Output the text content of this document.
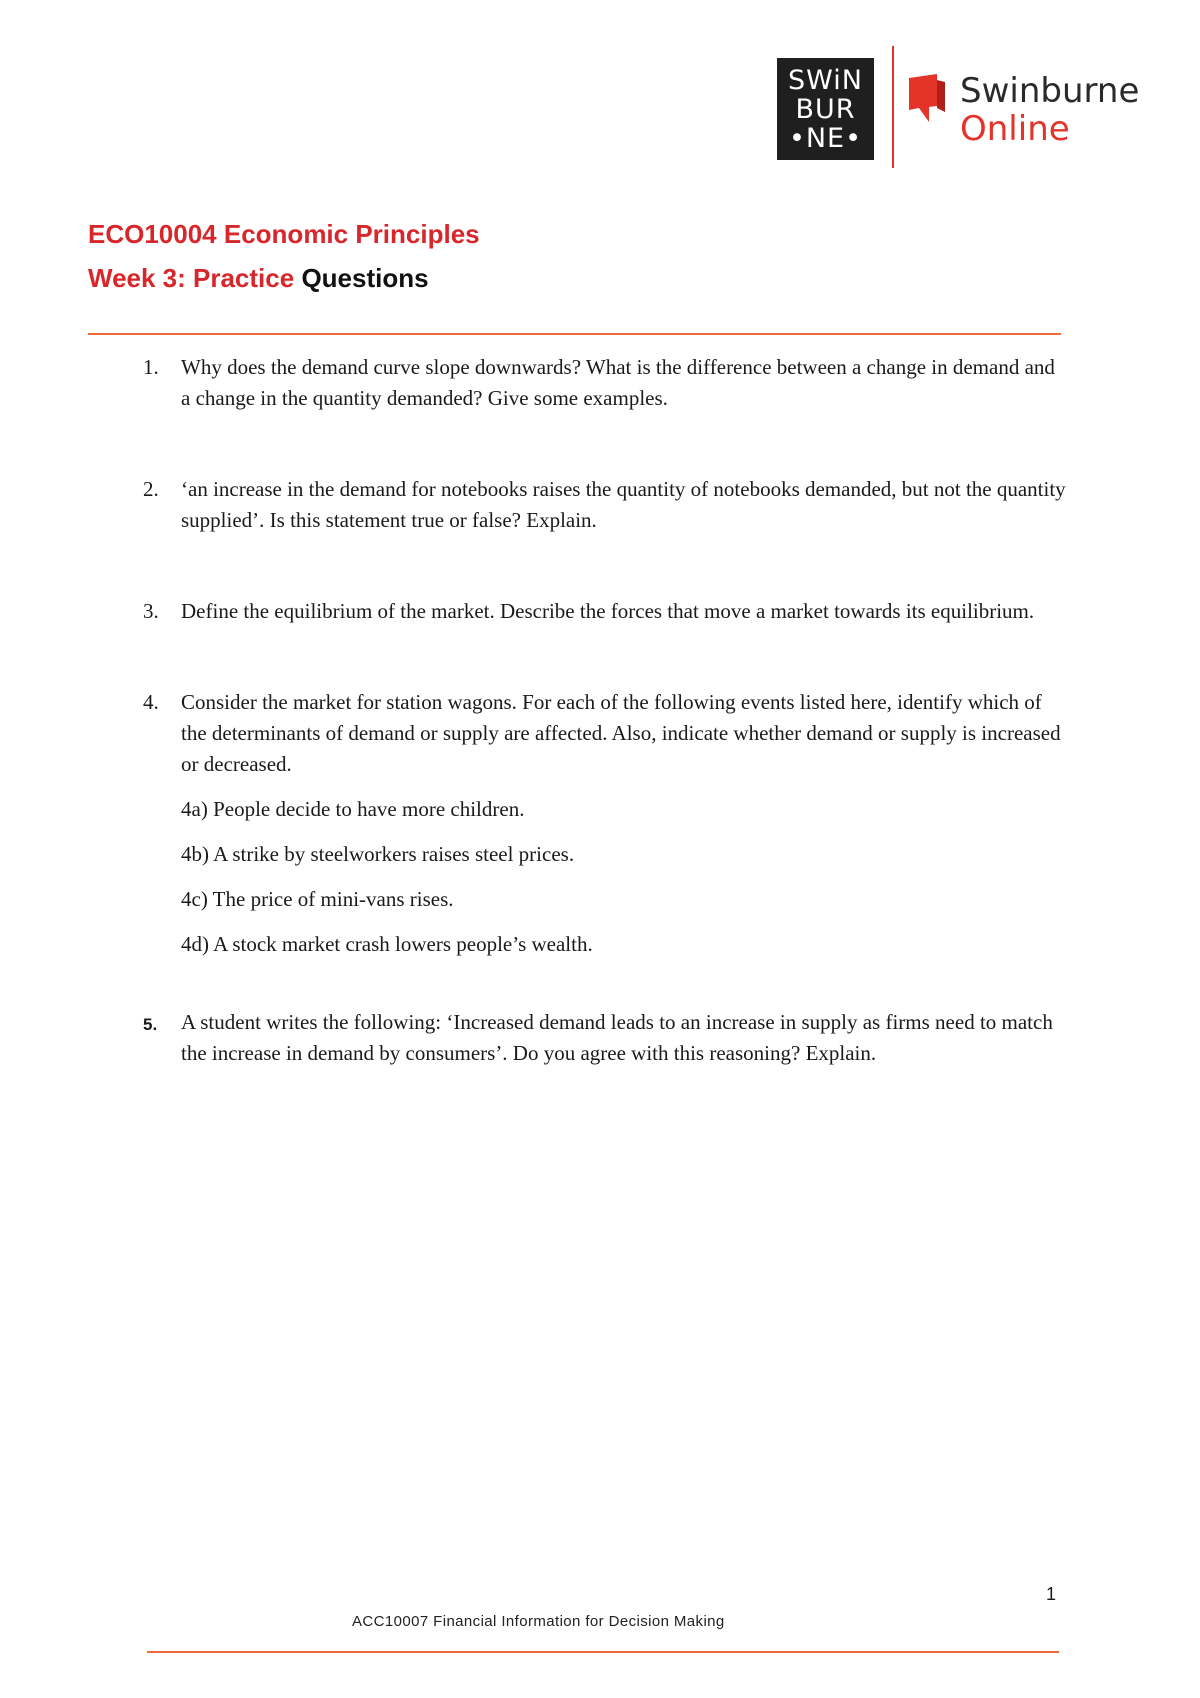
SWiN
BUR
•NE•
Swinburne
Online
ECO10004 Economic Principles
Week 3: Practice Questions
1. Why does the demand curve slope downwards? What is the difference between a change in demand and a change in the quantity demanded? Give some examples.
2. ‘an increase in the demand for notebooks raises the quantity of notebooks demanded, but not the quantity supplied’. Is this statement true or false? Explain.
3. Define the equilibrium of the market. Describe the forces that move a market towards its equilibrium.
4. Consider the market for station wagons. For each of the following events listed here, identify which of the determinants of demand or supply are affected. Also, indicate whether demand or supply is increased or decreased.
4a) People decide to have more children.
4b) A strike by steelworkers raises steel prices.
4c) The price of mini-vans rises.
4d) A stock market crash lowers people’s wealth.
5. A student writes the following: ‘Increased demand leads to an increase in supply as firms need to match the increase in demand by consumers’. Do you agree with this reasoning? Explain.
1
ACC10007 Financial Information for Decision Making
